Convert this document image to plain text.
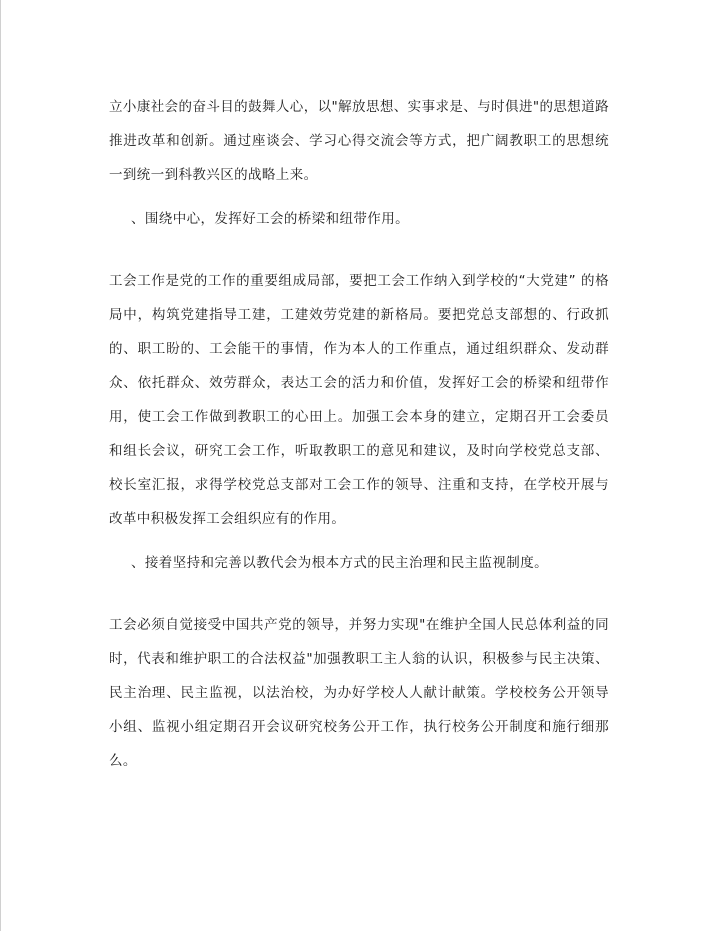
立小康社会的奋斗目的鼓舞人心，以"解放思想、实事求是、与时俱进"的思想道路推进改革和创新。通过座谈会、学习心得交流会等方式，把广阔教职工的思想统一到统一到科教兴区的战略上来。

、围绕中心，发挥好工会的桥梁和纽带作用。

工会工作是党的工作的重要组成局部，要把工会工作纳入到学校的“大党建” 的格局中，构筑党建指导工建，工建效劳党建的新格局。要把党总支部想的、行政抓的、职工盼的、工会能干的事情，作为本人的工作重点，通过组织群众、发动群众、依托群众、效劳群众，表达工会的活力和价值，发挥好工会的桥梁和纽带作用，使工会工作做到教职工的心田上。加强工会本身的建立，定期召开工会委员和组长会议，研究工会工作，听取教职工的意见和建议，及时向学校党总支部、校长室汇报，求得学校党总支部对工会工作的领导、注重和支持，在学校开展与改革中积极发挥工会组织应有的作用。

、接着坚持和完善以教代会为根本方式的民主治理和民主监视制度。

工会必须自觉接受中国共产党的领导，并努力实现"在维护全国人民总体利益的同时，代表和维护职工的合法权益"加强教职工主人翁的认识，积极参与民主决策、民主治理、民主监视，以法治校，为办好学校人人献计献策。学校校务公开领导小组、监视小组定期召开会议研究校务公开工作，执行校务公开制度和施行细那么。
